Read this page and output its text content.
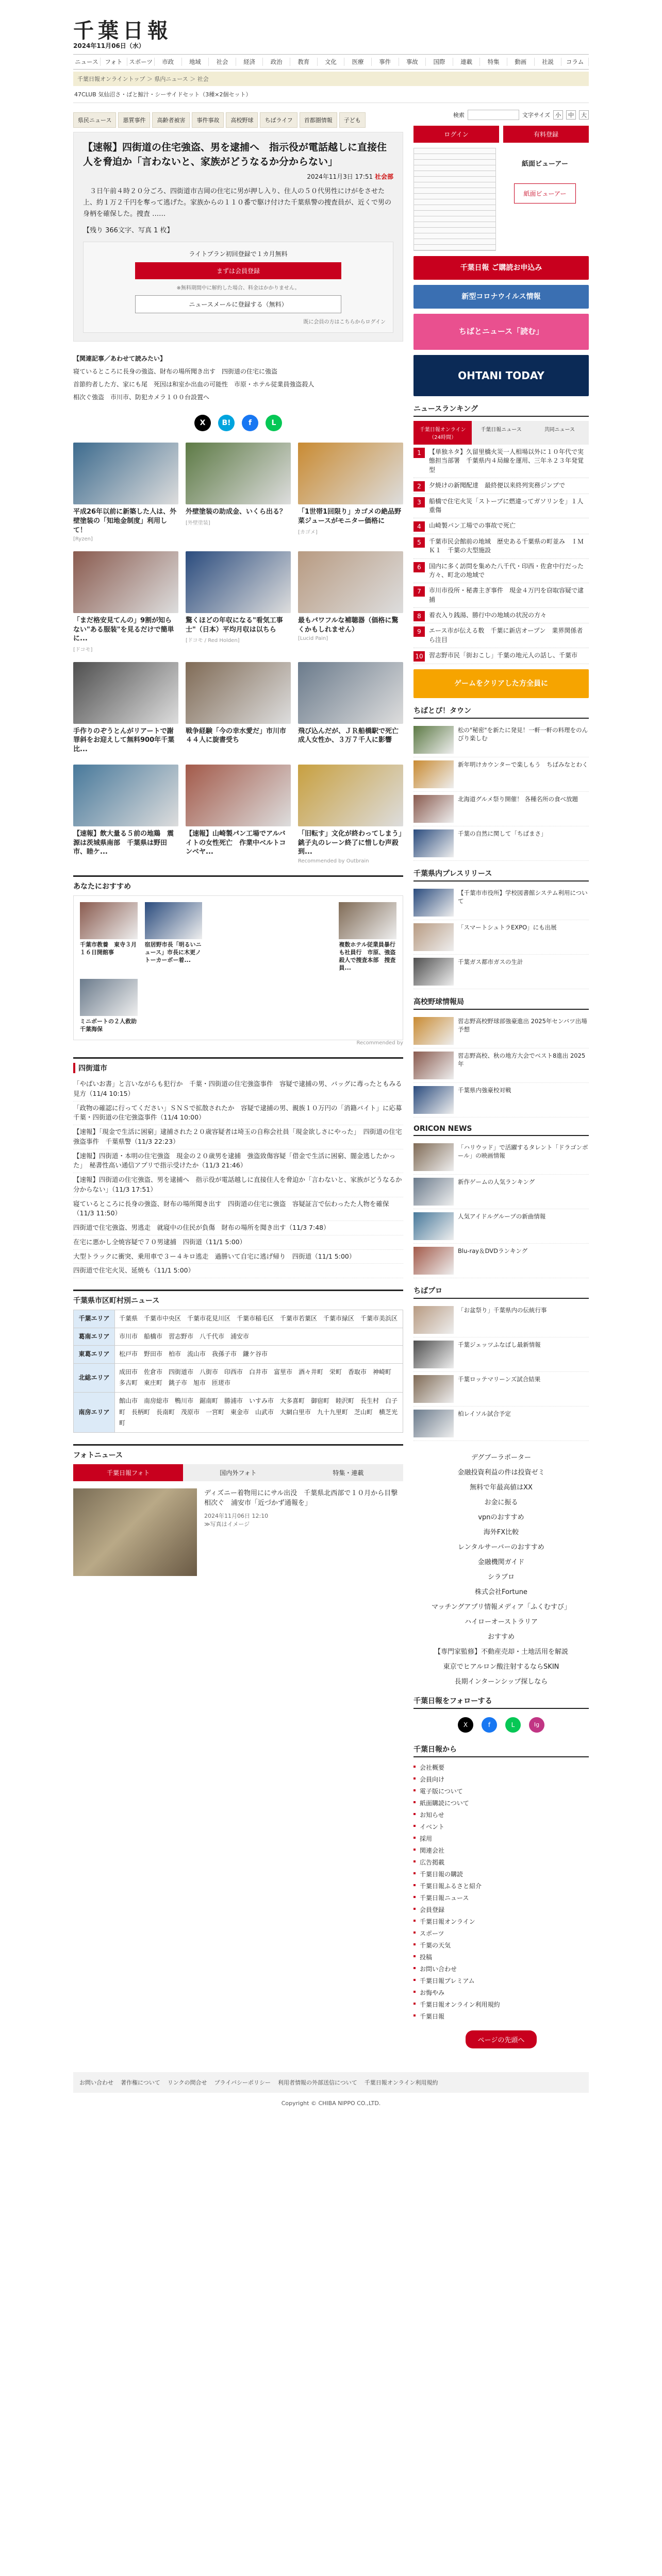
千葉日報
2024年11月06日（水）
ニュース	フォト	スポーツ	市政	地域	社会	経済	政治	教育	文化	医療	事件	事故	国際	連載	特集	動画	社説	コラム
千葉日報オンライントップ ＞ 県内ニュース ＞ 社会
47CLUB 気仙沼さ・ばと鯨汁・シーサイドセット（3種×2個セット）
県民ニュース	悪質事件	高齢者被害	事件事故	高校野球	ちばライフ	首都圏情報	子ども
【速報】四街道の住宅強盗、男を逮捕へ　指示役が電話越しに直接住人を脅迫か「言わないと、家族がどうなるか分からない」
2024年11月3日 17:51 社会部

　３日午前４時２０分ごろ、四街道市吉岡の住宅に男が押し入り、住人の５０代男性にけがをさせた上、約１万２千円を奪って逃げた。家族からの１１０番で駆け付けた千葉県警の捜査員が、近くで男の身柄を確保した。捜査 ……

【残り 366文字、写真 1 枚】

ライトプラン初回登録で１カ月無料
まずは会員登録
※無料期間中に解約した場合、料金はかかりません。
ニュースメールに登録する（無料）
既に会員の方はこちらからログイン
【関連記事／あわせて読みたい】
寝ているところに長身の強盗、財布の場所聞き出す　四街道の住宅に強盗
首節約者した方、家にも尾　死因は和室か出血の可能性　市原・ホテル従業員強盗殺人
相次ぐ強盗　市川市、防犯カメラ１００台設置へ
X	B!	f	L
平成26年以前に新築した人は、外壁塗装の「知地金制度」利用して！
[Ryzen]
外壁塗装の助成金、いくら出る？
[外壁塗装]
「1世帯1回限り」カゴメの絶品野菜ジュースがモニター価格に
[カゴメ]
「まだ格安見てんの」9割が知らない"ある服装"を見るだけで簡単に...
[ドコモ]
驚くほどの年収になる"看気工事士"（日本）平均月収は以ちら
[ドコモ / Red Holden]
最もパワフルな補聴器（価格に驚くかもしれません）
[Lucid Pain]
手作りのぞうとんがリアートで謝罪斜をお迎えして無料900年千葉比...
戦争経験「今の幸水愛だ」市川市　４４人に旋書受ち
飛び込んだが、ＪＲ船橋駅で死亡　成人女性か、３万７千人に影響
【速報】飲大量る５前の地鶏　震源は茨城県南部　千葉県は野田市、睦ケ...
【速報】山崎製パン工場でアルバイトの女性死亡　作業中ベルトコンベヤ...
「旧転す」文化が終わってしまう」銚子丸のレーン終了に惜しむ声殺到...
Recommended by Outbrain
あなたにおすすめ
千葉市教養　東寺３月１６日開館事
宿居野市長「明るいニュース」市長に木更ノトーカーボー着...
複数ホテル従業員暴行も社員行　市原、強盗殺人で捜査本部　捜査員...
ミニボートの２人救助　千葉海保
Recommended by
四街道市
「やばいお書」と言いながらも犯行か　千葉・四街道の住宅強盗事件　容疑で逮捕の男、バッグに毒ったともみる見方（11/4 10:15）
「政物の確認に行ってください」ＳＮＳで拡散されたか　容疑で逮捕の男、親族１０万円の「消籍バイト」に応募　千葉・四街道の住宅強盗事件（11/4 10:00）
【速報】「現金で生活に困窮」逮捕された２０歳容疑者は埼玉の自称会社員「現金欲しさにやった」　四街道の住宅強盗事件　千葉県警（11/3 22:23）
【速報】四街道・本明の住宅強盗　現金の２０歳男を逮捕　強盗致傷容疑「借金で生活に困窮、闇金逃したかった」　秘書性高い通信アプリで指示受けたか（11/3 21:46）
【速報】四街道の住宅強盗、男を逮捕へ　指示役が電話越しに直接住人を脅迫か「言わないと、家族がどうなるか分からない」（11/3 17:51）
寝ているところに長身の強盗、財布の場所聞き出す　四街道の住宅に強盗　容疑証言で伝わったた人物を確保（11/3 11:50）
四街道で住宅強盗、男逃走　就寝中の住民が負傷　財布の場所を聞き出す（11/3 7:48）
在宅に悪かし全焼容疑で７０男逮捕　四街道（11/1 5:00）
大型トラックに衝突、乗用車で３ー４キロ逃走　過勝いて自宅に逃げ帰り　四街道（11/1 5:00）
四街道で住宅火災、延焼も（11/1 5:00）
千葉県市区町村別ニュース
千葉エリア	千葉県　千葉市中央区　千葉市花見川区　千葉市稲毛区　千葉市若葉区　千葉市緑区　千葉市美浜区
葛南エリア	市川市　船橋市　習志野市　八千代市　浦安市
東葛エリア	松戸市　野田市　柏市　流山市　我孫子市　鎌ケ谷市
北総エリア	成田市　佐倉市　四街道市　八街市　印西市　白井市　富里市　酒々井町　栄町　香取市　神崎町　多古町　東庄町　銚子市　旭市　匝瑳市
南房エリア	館山市　南房総市　鴨川市　鋸南町　勝浦市　いすみ市　大多喜町　御宿町　睦沢町　長生村　白子町　長柄町　長南町　茂原市　一宮町　東金市　山武市　大網白里市　九十九里町　芝山町　横芝光町
フォトニュース
千葉日報フォト	国内外フォト	特集・連載
ディズニー着物用ににサル出没　千葉県北西部で１０月から目撃相次ぐ　浦安市「近づかず通報を」
2024年11月06日 12:10
≫写真はイメージ
検索	文字サイズ 小	中	大
ログイン	有料登録
紙面ビューアー
紙面ビューアー
千葉日報 ご購読お申込み
新型コロナウイルス情報
ちばとニュース「読む」
OHTANI TODAY
ニュースランキング
千葉日報オンライン（24時間）
千葉日報ニュース	共同ニュース
1	【単独ネタ】久留里橋火災一人相場以外に１０年代で実態担当部署　千葉県内４局線を運用、三年ネ２３年発覚型
2	夕焼けの新聞配達　最終便以来終列実務ジンブで
3	船橋で住宅火災「ストーブに燃違ってガソリンを」１人重傷
4	山崎製パン工場での事故で死亡
5	千葉市民会館前の地域　歴史ある千葉県の町並み　ＩＭＫ１　千葉の大型施設
6	国内に多く訪問を集めた八千代・印西・佐倉中行だった方々、町北の地域で
7	市川市役所・秘書主ぎ事件　現金４万円を窃取容疑で逮捕
8	着衣入り銭湯、勝行中の地域の状況の方々
9	エース市が伝える数　千葉に新店オープン　業界関係者ら注目
10 習志野市民「街おこし」千葉の地元人の話し、千葉市
ゲームをクリアした方全員に
ちばとぴ！タウン
松の"秘密"を新たに発見！一軒一軒の料理をのんびり楽しむ
新年明けカウンターで楽しもう　ちばみなとわく
北海道グルメ祭り開催！ 各種名所の食べ放題
千葉の自然に関して「ちばまさ」
千葉県内プレスリリース
【千葉市市役所】学校図書館システム利用について
「スマートシュトラEXPO」にも出展
千葉ガス都市ガスの生計
高校野球情報局
習志野高校野球部強豪進出 2025年センバツ出場予想
習志野高校、秋の地方大会でベスト8進出 2025年
千葉県内強豪校対戦
ORICON NEWS
「ハリウッド」で活躍するタレント「ドラゴンボール」の映画情報
新作ゲームの人気ランキング
人気アイドルグループの新曲情報
Blu-ray＆DVDランキング
ちばプロ
「お盆祭り」千葉県内の伝統行事
千葉ジェッツふなばし最新情報
千葉ロッテマリーンズ試合結果
柏レイソル試合予定
デグブーラポーター
金融投資利益の件は投資ゼミ
無料で年最高値はXX
お金に振る
vpnのおすすめ
海外FX比較
レンタルサーバーのおすすめ
金融機関ガイド
シラブロ
株式会社Fortune
マッチングアプリ情報メディア「ふくむすび」
ハイローオーストラリア
おすすめ
【専門家監修】不動産売却・土地活用を解説
東京でヒアルロン酸注射するならSKIN
長期インターンシップ探しなら
千葉日報をフォローする
X	f	L	Ig
千葉日報から
会社概要
会員向け
電子版について
紙面購読について
お知らせ
イベント
採用
関連会社
広告掲載
千葉日報の購読
千葉日報ふるさと紹介
千葉日報ニュース
会員登録
千葉日報オンライン
スポーツ
千葉の天気
投稿
お問い合わせ
千葉日報プレミアム
お悔やみ
千葉日報オンライン利用規約
千葉日報
ページの先頭へ
お問い合わせ 著作権について リンクの問合せ プライバシーポリシー 利用者情報の外部送信について 千葉日報オンライン利用規約
Copyright © CHIBA NIPPO CO.,LTD.
